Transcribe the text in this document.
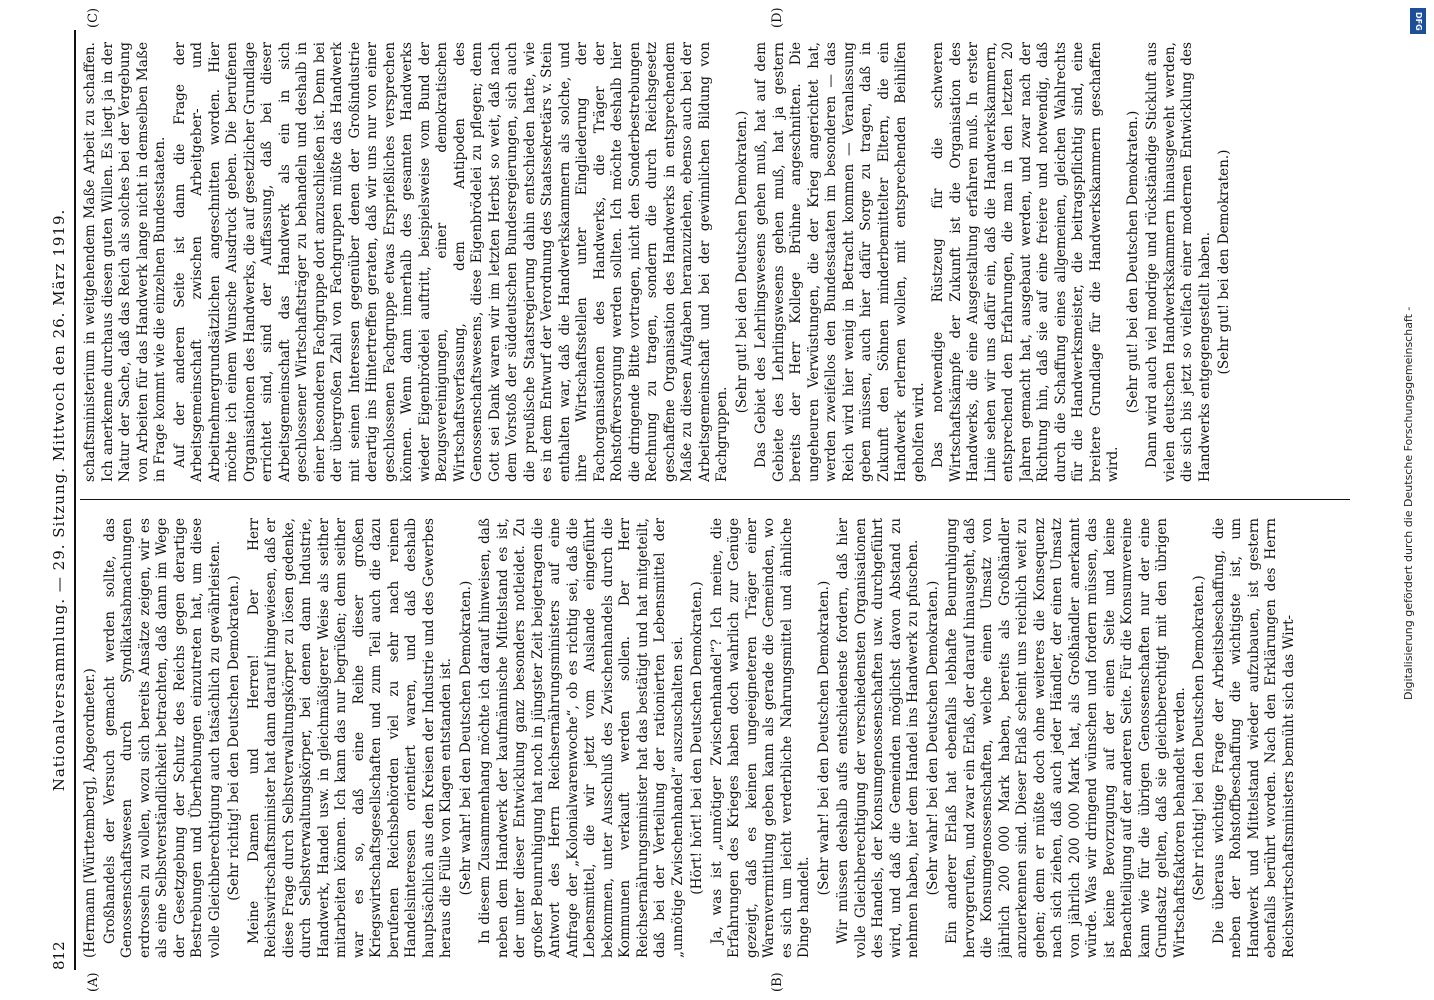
812
Nationalversammlung. — 29. Sitzung. Mittwoch den 26. März 1919.
(A)	(B)
(C)	(D)

(Hermann [Württemberg], Abgeordneter.) Großhandels der Versuch gemacht werden sollte, das Genossenschaftswesen durch Syndikatsabmachungen erdrosseln zu wollen, wozu sich bereits Ansätze zeigen, wir es als eine Selbstverständlichkeit betrachten, daß dann im Wege der Gesetzgebung der Schutz des Reichs gegen derartige Bestrebungen und Überhebungen einzutreten hat, um diese volle Gleichberechtigung auch tatsächlich zu gewährleisten. (Sehr richtig! bei den Deutschen Demokraten.) Meine Damen und Herren! Der Herr Reichswirtschaftsminister hat dann darauf hingewiesen, daß er diese Frage durch Selbstverwaltungskörper zu lösen gedenke, durch Selbstverwaltungskörper, bei denen dann Industrie, Handwerk, Handel usw. in gleichmäßigerer Weise als seither mitarbeiten können. Ich kann das nur begrüßen; denn seither war es so, daß eine Reihe dieser großen Kriegswirtschaftsgesellschaften und zum Teil auch die dazu berufenen Reichsbehörden viel zu sehr nach reinen Handelsinteressen orientiert waren, und daß deshalb hauptsächlich aus den Kreisen der Industrie und des Gewerbes heraus die Fülle von Klagen entstanden ist. (Sehr wahr! bei den Deutschen Demokraten.) In diesem Zusammenhang möchte ich darauf hinweisen, daß neben dem Handwerk der kaufmännische Mittelstand es ist, der unter dieser Entwicklung ganz besonders notleidet. Zu großer Beunruhigung hat noch in jüngster Zeit beigetragen die Antwort des Herrn Reichsernährungsministers auf eine Anfrage der „Kolonialwarenwoche“, ob es richtig sei, daß die Lebensmittel, die wir jetzt vom Auslande eingeführt bekommen, unter Ausschluß des Zwischenhandels durch die Kommunen verkauft werden sollen. Der Herr Reichsernährungsminister hat das bestätigt und hat mitgeteilt, daß bei der Verteilung der rationierten Lebensmittel der „unnötige Zwischenhandel“ auszuschalten sei. (Hört! hört! bei den Deutschen Demokraten.) Ja, was ist „unnötiger Zwischenhandel“? Ich meine, die Erfahrungen des Krieges haben doch wahrlich zur Genüge gezeigt, daß es keinen ungeeigneteren Träger einer Warenvermittlung geben kann als gerade die Gemeinden, wo es sich um leicht verderbliche Nahrungsmittel und ähnliche Dinge handelt.

(Sehr wahr! bei den Deutschen Demokraten.) Wir müssen deshalb aufs entschiedenste fordern, daß hier volle Gleichberechtigung der verschiedensten Organisationen des Handels, der Konsumgenossenschaften usw. durchgeführt wird, und daß die Gemeinden möglichst davon Abstand zu nehmen haben, hier dem Handel ins Handwerk zu pfuschen. (Sehr wahr! bei den Deutschen Demokraten.) Ein anderer Erlaß hat ebenfalls lebhafte Beunruhigung hervorgerufen, und zwar ein Erlaß, der darauf hinausgeht, daß die Konsumgenossenschaften, welche einen Umsatz von jährlich 200 000 Mark haben, bereits als Großhändler anzuerkennen sind. Dieser Erlaß scheint uns reichlich weit zu gehen; denn er müßte doch ohne weiteres die Konsequenz nach sich ziehen, daß auch jeder Händler, der einen Umsatz von jährlich 200 000 Mark hat, als Großhändler anerkannt würde. Was wir dringend wünschen und fordern müssen, das ist keine Bevorzugung auf der einen Seite und keine Benachteiligung auf der anderen Seite. Für die Konsumvereine kann wie für die übrigen Genossenschaften nur der eine Grundsatz gelten, daß sie gleichberechtigt mit den übrigen Wirtschaftsfaktoren behandelt werden. (Sehr richtig! bei den Deutschen Demokraten.) Die überaus wichtige Frage der Arbeitsbeschaffung, die neben der Rohstoffbeschaffung die wichtigste ist, um Handwerk und Mittelstand wieder aufzubauen, ist gestern ebenfalls berührt worden. Nach den Erklärungen des Herrn Reichswirtschaftsministers bemüht sich das Wirt-

schaftsministerium in weitgehendem Maße Arbeit zu schaffen. Ich anerkenne durchaus diesen guten Willen. Es liegt ja in der Natur der Sache, daß das Reich als solches bei der Vergebung von Arbeiten für das Handwerk lange nicht in demselben Maße in Frage kommt wie die einzelnen Bundesstaaten. Auf der anderen Seite ist dann die Frage der Arbeitsgemeinschaft zwischen Arbeitgeber- und Arbeitnehmergrundsätzlichen angeschnitten worden. Hier möchte ich einem Wunsche Ausdruck geben. Die berufenen Organisationen des Handwerks, die auf gesetzlicher Grundlage errichtet sind, sind der Auffassung, daß bei dieser Arbeitsgemeinschaft das Handwerk als ein in sich geschlossener Wirtschaftsträger zu behandeln und deshalb in einer besonderen Fachgruppe dort anzuschließen ist. Denn bei der übergroßen Zahl von Fachgruppen müßte das Handwerk mit seinen Interessen gegenüber denen der Großindustrie derartig ins Hintertreffen geraten, daß wir uns nur von einer geschlossenen Fachgruppe etwas Ersprießliches versprechen können. Wenn dann innerhalb des gesamten Handwerks wieder Eigenbrödelei auftritt, beispielsweise vom Bund der Bezugsvereinigungen, einer demokratischen Wirtschaftsverfassung, dem Antipoden des Genossenschaftswesens, diese Eigenbrödelei zu pflegen; denn Gott sei Dank waren wir im letzten Herbst so weit, daß nach dem Vorstoß der süddeutschen Bundesregierungen, sich auch die preußische Staatsregierung dahin entschieden hatte, wie es in dem Entwurf der Verordnung des Staatssekretärs v. Stein enthalten war, daß die Handwerkskammern als solche, und ihre Wirtschaftsstellen unter Eingliederung der Fachorganisationen des Handwerks, die Träger der Rohstoffversorgung werden sollten. Ich möchte deshalb hier die dringende Bitte vortragen, nicht den Sonderbestrebungen Rechnung zu tragen, sondern die durch Reichsgesetz geschaffene Organisation des Handwerks in entsprechendem Maße zu diesen Aufgaben heranzuziehen, ebenso auch bei der Arbeitsgemeinschaft und bei der gewinnlichen Bildung von Fachgruppen.

(Sehr gut! bei den Deutschen Demokraten.) Das Gebiet des Lehrlingswesens gehen muß, hat auf dem Gebiete des Lehrlingswesens gehen muß, hat ja gestern bereits der Herr Kollege Brühne angeschnitten. Die ungeheuren Verwüstungen, die der Krieg angerichtet hat, werden zweifellos den Bundesstaaten im besonderen — das Reich wird hier wenig in Betracht kommen — Veranlassung geben müssen, auch hier dafür Sorge zu tragen, daß in Zukunft den Söhnen minderbemittelter Eltern, die ein Handwerk erlernen wollen, mit entsprechenden Beihilfen geholfen wird. Das notwendige Rüstzeug für die schweren Wirtschaftskämpfe der Zukunft ist die Organisation des Handwerks, die eine Ausgestaltung erfahren muß. In erster Linie sehen wir uns dafür ein, daß die Handwerkskammern, entsprechend den Erfahrungen, die man in den letzten 20 Jahren gemacht hat, ausgebaut werden, und zwar nach der Richtung hin, daß sie auf eine freiere und notwendig, daß durch die Schaffung eines allgemeinen, gleichen Wahlrechts für die Handwerksmeister, die beitragspflichtig sind, eine breitere Grundlage für die Handwerkskammern geschaffen wird.

(Sehr gut! bei den Deutschen Demokraten.) Dann wird auch viel modrige und rückständige Stickluft aus vielen deutschen Handwerkskammern hinausgeweht werden, die sich bis jetzt so vielfach einer modernen Entwicklung des Handwerks entgegengestellt haben. (Sehr gut! bei den Demokraten.)

Digitalisierung gefördert durch die Deutsche Forschungsgemeinschaft -
DFG
